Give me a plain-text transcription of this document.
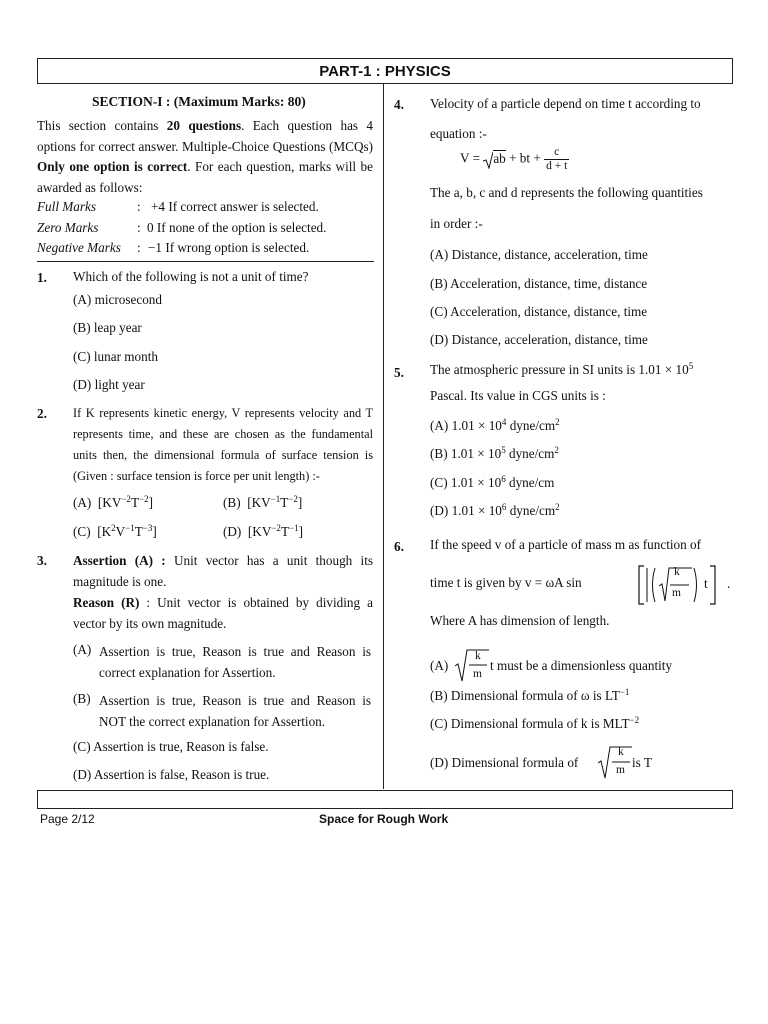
PART-1 : PHYSICS
SECTION-I : (Maximum Marks: 80)
This section contains 20 questions. Each question has 4 options for correct answer. Multiple-Choice Questions (MCQs) Only one option is correct. For each question, marks will be awarded as follows:
Full Marks	: +4 If correct answer is selected.
Zero Marks	: 0 If none of the option is selected.
Negative Marks : −1 If wrong option is selected.
1. Which of the following is not a unit of time?
(A) microsecond
(B) leap year
(C) lunar month
(D) light year
2. If K represents kinetic energy, V represents velocity and T represents time, and these are chosen as the fundamental units then, the dimensional formula of surface tension is (Given : surface tension is force per unit length) :-
(A)  $[KV^{-2}T^{-2}]$	(B)  $[KV^{-1}T^{-2}]$
(C)  $[K^2V^{-1}T^{-3}]$	(D)  $[KV^{-2}T^{-1}]$
3. Assertion (A) : Unit vector has a unit though its magnitude is one.
Reason (R) : Unit vector is obtained by dividing a vector by its own magnitude.
(A) Assertion is true, Reason is true and Reason is correct explanation for Assertion.
(B) Assertion is true, Reason is true and Reason is NOT the correct explanation for Assertion.
(C) Assertion is true, Reason is false.
(D) Assertion is false, Reason is true.
4. Velocity of a particle depend on time t according to
equation :-
V = ab + bt + $\frac{c}{d + t}$
The a, b, c and d represents the following quantities
in order :-
(A) Distance, distance, acceleration, time
(B) Acceleration, distance, time, distance
(C) Acceleration, distance, distance, time
(D) Distance, acceleration, distance, time
5. The atmospheric pressure in SI units is $1.01 \times 10^5$
Pascal. Its value in CGS units is :
(A) $1.01 \times 10^4$ dyne/$cm^2$
(B) $1.01 \times 10^5$ dyne/$cm^2$
(C) $1.01 \times 10^6$ dyne/cm
(D) $1.01 \times 10^6$ dyne/$cm^2$
6. If the speed v of a particle of mass m as function of
time t is given by v = ωA sin
k
m
t .
Where A has dimension of length.
(A)
k
m
t must be a dimensionless quantity
(B) Dimensional formula of ω is $LT^{-1}$
(C) Dimensional formula of k is $MLT^{-2}$
(D) Dimensional formula of
k
m is T
Page 2/12	Space for Rough Work
